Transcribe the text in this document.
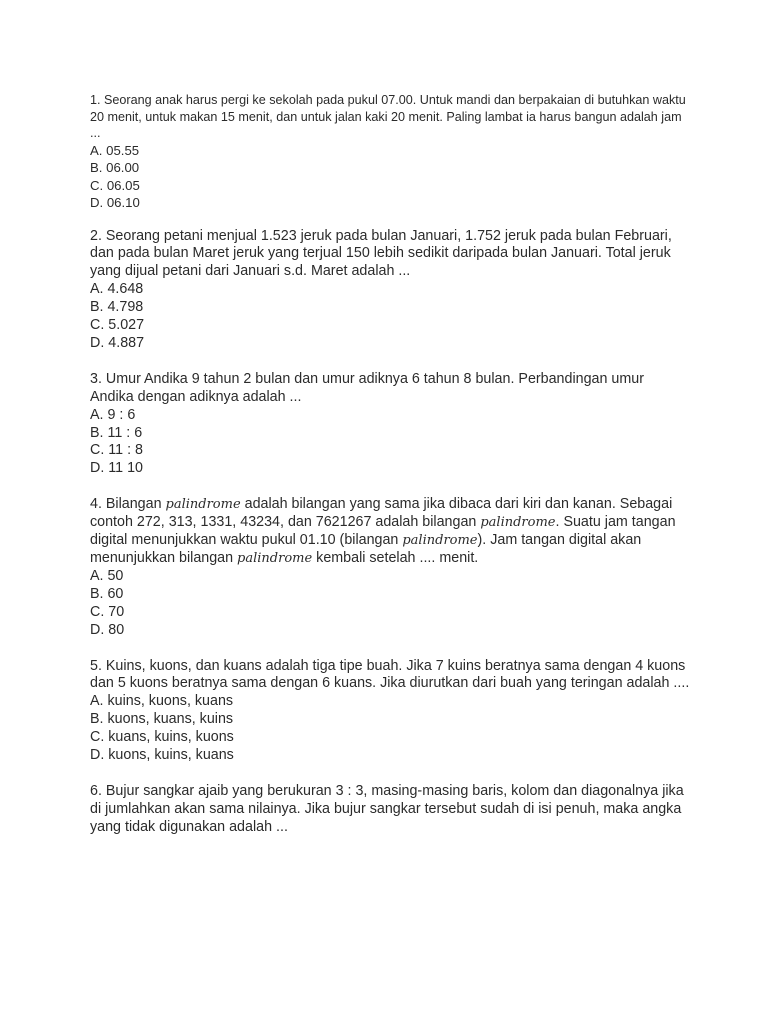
1. Seorang anak harus pergi ke sekolah pada pukul 07.00. Untuk mandi dan berpakaian di butuhkan waktu 20 menit, untuk makan 15 menit, dan untuk jalan kaki 20 menit. Paling lambat ia harus bangun adalah jam ...

A. 05.55
B. 06.00
C. 06.05
D. 06.10

2. Seorang petani menjual 1.523 jeruk pada bulan Januari, 1.752 jeruk pada bulan Februari, dan pada bulan Maret jeruk yang terjual 150 lebih sedikit daripada bulan Januari. Total jeruk yang dijual petani dari Januari s.d. Maret adalah ...

A. 4.648
B. 4.798
C. 5.027
D. 4.887

3. Umur Andika 9 tahun 2 bulan dan umur adiknya 6 tahun 8 bulan. Perbandingan umur Andika dengan adiknya adalah ...

A. 9 : 6
B. 11 : 6
C. 11 : 8
D. 11 10

4. Bilangan palindrome adalah bilangan yang sama jika dibaca dari kiri dan kanan. Sebagai contoh 272, 313, 1331, 43234, dan 7621267 adalah bilangan palindrome. Suatu jam tangan digital menunjukkan waktu pukul 01.10 (bilangan palindrome). Jam tangan digital akan menunjukkan bilangan palindrome kembali setelah .... menit.

A. 50
B. 60
C. 70
D. 80

5. Kuins, kuons, dan kuans adalah tiga tipe buah. Jika 7 kuins beratnya sama dengan 4 kuons dan 5 kuons beratnya sama dengan 6 kuans. Jika diurutkan dari buah yang teringan adalah ....

A. kuins, kuons, kuans
B. kuons, kuans, kuins
C. kuans, kuins, kuons
D. kuons, kuins, kuans

6. Bujur sangkar ajaib yang berukuran 3 : 3, masing-masing baris, kolom dan diagonalnya jika di jumlahkan akan sama nilainya. Jika bujur sangkar tersebut sudah di isi penuh, maka angka yang tidak digunakan adalah ...
